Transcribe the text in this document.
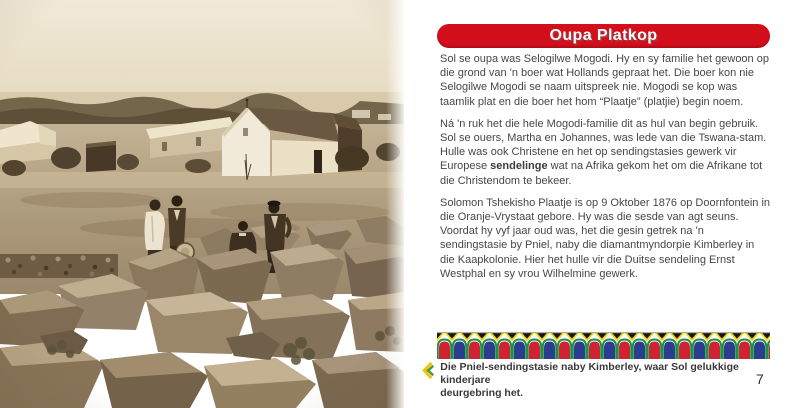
Oupa Platkop

Sol se oupa was Selogilwe Mogodi. Hy en sy familie het gewoon op die grond van 'n boer wat Hollands gepraat het. Die boer kon nie Selogilwe Mogodi se naam uitspreek nie. Mogodi se kop was taamlik plat en die boer het hom “Plaatje” (platjie) begin noem.

Ná 'n ruk het die hele Mogodi-familie dit as hul van begin gebruik. Sol se ouers, Martha en Johannes, was lede van die Tswana-stam. Hulle was ook Christene en het op sendingstasies gewerk vir Europese sendelinge wat na Afrika gekom het om die Afrikane tot die Christendom te bekeer.

Solomon Tshekisho Plaatje is op 9 Oktober 1876 op Doornfontein in die Oranje-Vrystaat gebore. Hy was die sesde van agt seuns. Voordat hy vyf jaar oud was, het die gesin getrek na 'n sendingstasie by Pniel, naby die diamantmyndorpie Kimberley in die Kaapkolonie. Hier het hulle vir die Duitse sendeling Ernst Westphal en sy vrou Wilhelmine gewerk.

Die Pniel-sendingstasie naby Kimberley, waar Sol gelukkige kinderjare
deurgebring het.
7
